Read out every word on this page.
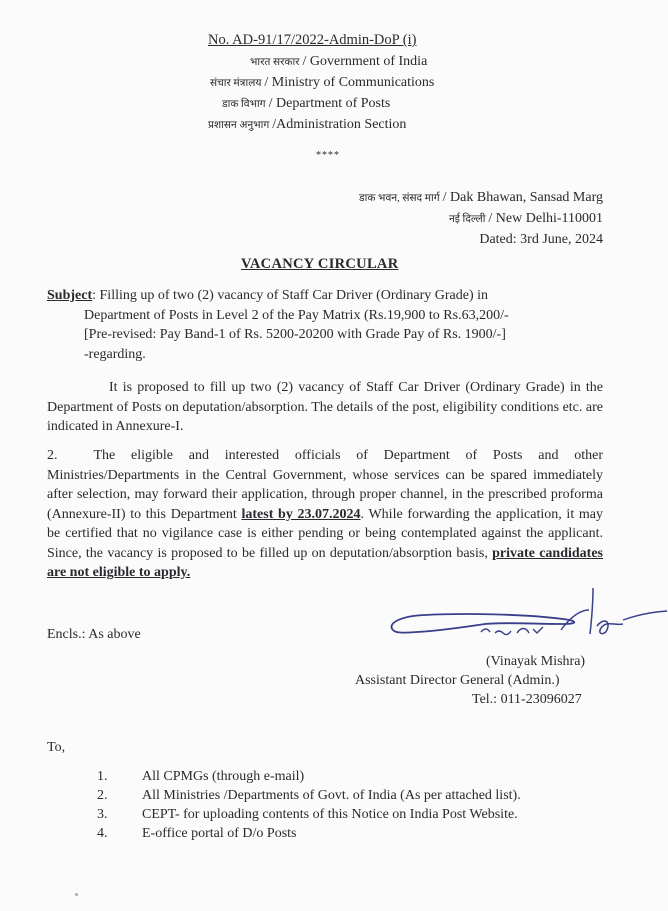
No. AD-91/17/2022-Admin-DoP (i)
भारत सरकार / Government of India
संचार मंत्रालय / Ministry of Communications
डाक विभाग / Department of Posts
प्रशासन अनुभाग /Administration Section
****
डाक भवन, संसद मार्ग / Dak Bhawan, Sansad Marg
नई दिल्ली / New Delhi-110001
Dated: 3rd June, 2024
VACANCY CIRCULAR
Subject: Filling up of two (2) vacancy of Staff Car Driver (Ordinary Grade) in
Department of Posts in Level 2 of the Pay Matrix (Rs.19,900 to Rs.63,200/-
[Pre-revised: Pay Band-1 of Rs. 5200-20200 with Grade Pay of Rs. 1900/-]
-regarding.
It is proposed to fill up two (2) vacancy of Staff Car Driver (Ordinary Grade) in the Department of Posts on deputation/absorption. The details of the post, eligibility conditions etc. are indicated in Annexure-I.
2.	The eligible and interested officials of Department of Posts and other Ministries/Departments in the Central Government, whose services can be spared immediately after selection, may forward their application, through proper channel, in the prescribed proforma (Annexure-II) to this Department latest by 23.07.2024. While forwarding the application, it may be certified that no vigilance case is either pending or being contemplated against the applicant. Since, the vacancy is proposed to be filled up on deputation/absorption basis, private candidates are not eligible to apply.
Encls.: As above
(Vinayak Mishra)
Assistant Director General (Admin.)
Tel.: 011-23096027
To,
1.	All CPMGs (through e-mail)
2.	All Ministries /Departments of Govt. of India (As per attached list).
3.	CEPT- for uploading contents of this Notice on India Post Website.
4.	E-office portal of D/o Posts
